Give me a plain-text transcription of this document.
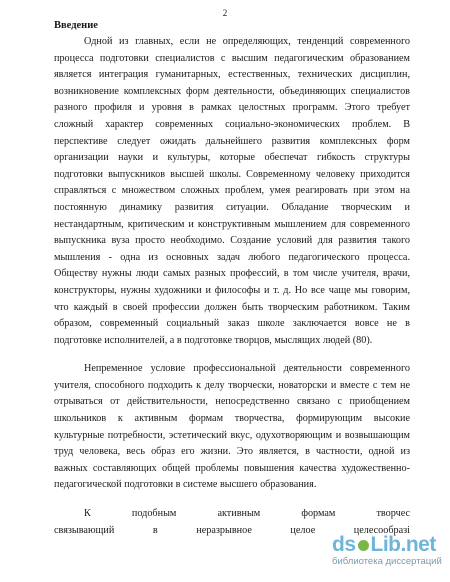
2
Введение
Одной из главных, если не определяющих, тенденций современного
процесса подготовки специалистов с высшим педагогическим образованием
является интеграция гуманитарных, естественных, технических дисциплин,
возникновение комплексных форм деятельности, объединяющих специалистов
разного профиля и уровня в рамках целостных программ. Этого требует
сложный характер современных социально-экономических проблем. В
перспективе следует ожидать дальнейшего развития комплексных форм
организации науки и культуры, которые обеспечат гибкость структуры
подготовки выпускников высшей школы. Современному человеку приходится
справляться с множеством сложных проблем, умея реагировать при этом на
постоянную динамику развития ситуации. Обладание творческим и
нестандартным, критическим и конструктивным мышлением для современного
выпускника вуза просто необходимо. Создание условий для развития такого
мышления - одна из основных задач любого педагогического процесса.
Обществу нужны люди самых разных профессий, в том числе учителя, врачи,
конструкторы, нужны художники и философы и т. д. Но все чаще мы говорим,
что каждый в своей профессии должен быть творческим работником. Таким
образом, современный социальный заказ школе заключается вовсе не в
подготовке исполнителей, а в подготовке творцов, мыслящих людей (80).
Непременное условие профессиональной деятельности современного
учителя, способного подходить к делу творчески, новаторски и вместе с тем не
отрываться от действительности, непосредственно связано с приобщением
школьников к активным формам творчества, формирующим высокие
культурные потребности, эстетический вкус, одухотворяющим и возвышающим
труд человека, весь образ его жизни. Это является, в частности, одной из
важных составляющих общей проблемы повышения качества художественно-
педагогической подготовки в системе высшего образования.
К подобным активным формам творчес
связывающий в неразрывное целое целесообразі
ds Lib.net
библиотека диссертаций
